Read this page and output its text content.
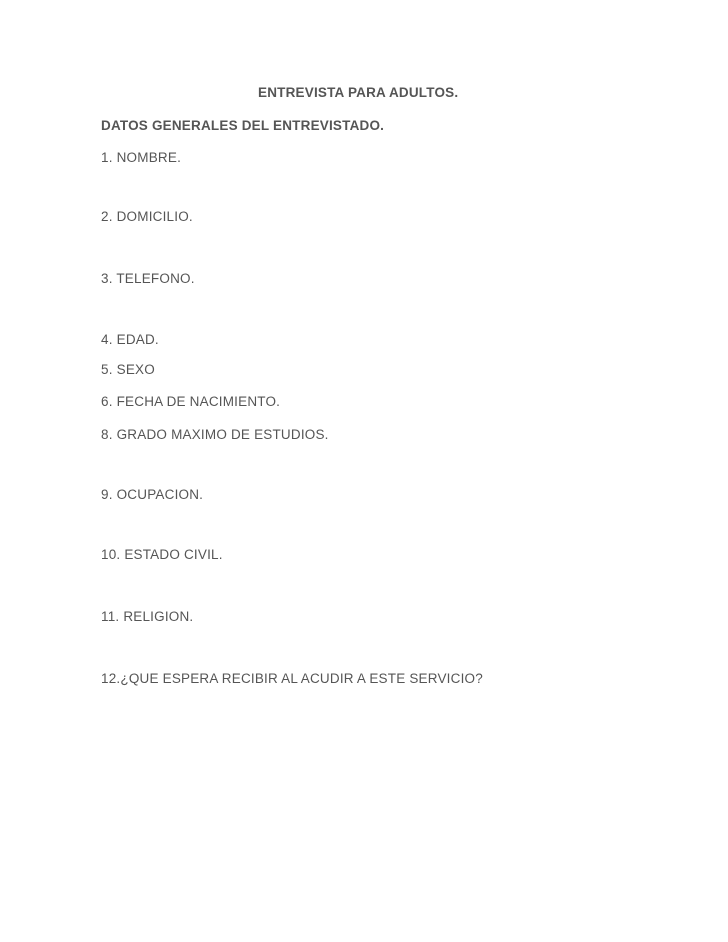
ENTREVISTA PARA ADULTOS.
DATOS GENERALES DEL ENTREVISTADO.
1. NOMBRE.
2. DOMICILIO.
3. TELEFONO.
4. EDAD.
5. SEXO
6. FECHA DE NACIMIENTO.
8. GRADO MAXIMO DE ESTUDIOS.
9. OCUPACION.
10. ESTADO CIVIL.
11. RELIGION.
12.¿QUE ESPERA RECIBIR AL ACUDIR A ESTE SERVICIO?
